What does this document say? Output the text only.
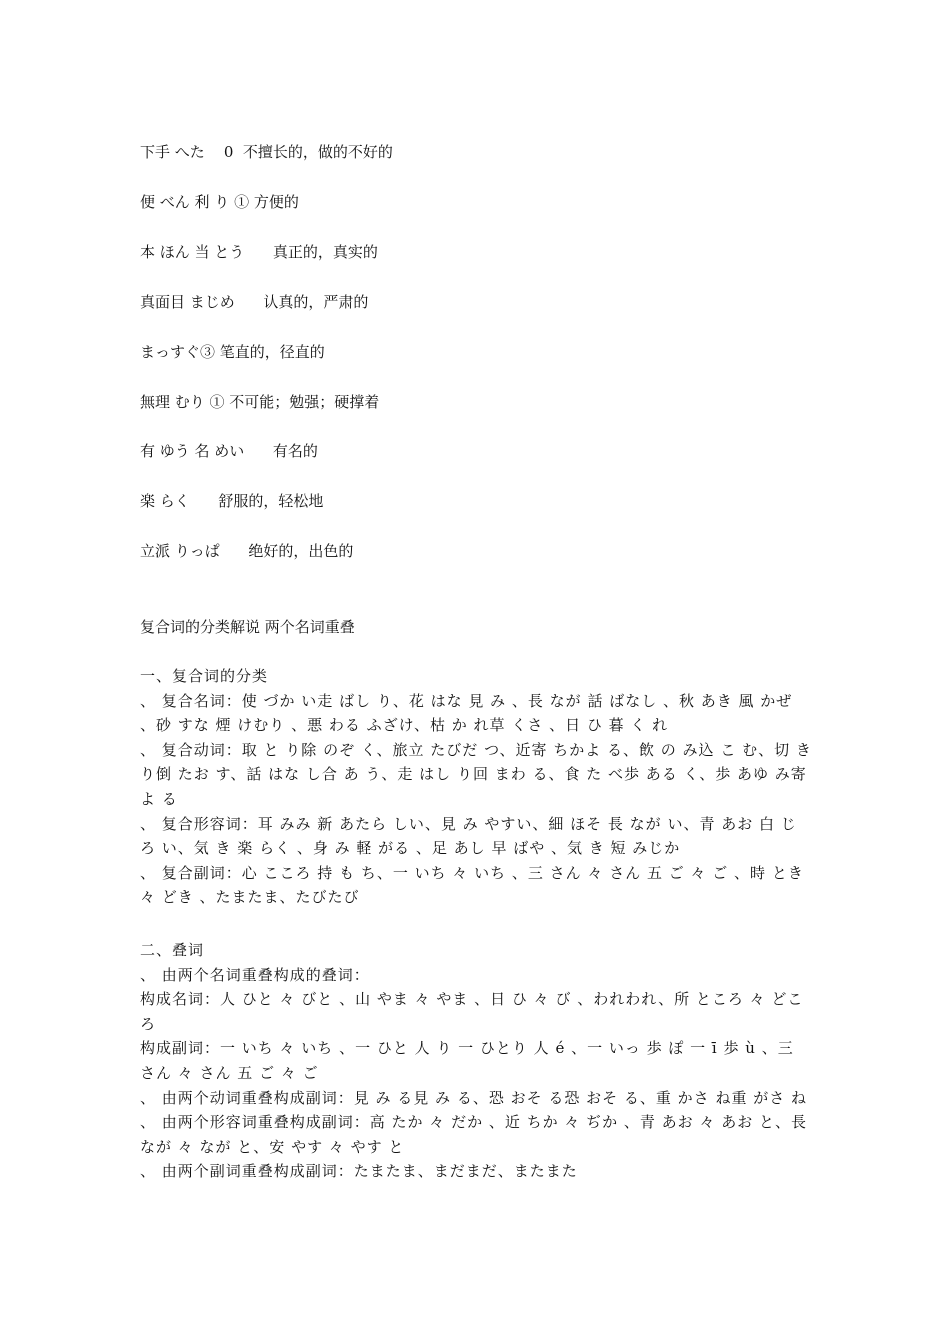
下手 へた    0  不擅长的，做的不好的
便 べん 利 り ① 方便的
本 ほん 当 とう      真正的，真实的
真面目 まじめ      认真的，严肃的
まっすぐ③ 笔直的，径直的
無理 むり ① 不可能；勉强；硬撑着
有 ゆう 名 めい      有名的
楽 らく      舒服的，轻松地
立派 りっぱ      绝好的，出色的
复合词的分类解说 两个名词重叠
一、复合词的分类
、 复合名词：使 づか い走 ばし り、花 はな 見 み 、長 なが 話 ばなし 、秋 あき 風 かぜ 、砂 すな 煙 けむり 、悪 わる ふざけ、枯 か れ草 くさ 、日 ひ 暮 く れ
、 复合动词：取 と り除 のぞ く、旅立 たびだ つ、近寄 ちかよ る、飲 の み込 こ む、切 き り倒 たお す、話 はな し合 あ う、走 はし り回 まわ る、食 た べ歩 ある く、歩 あゆ み寄 よ る
、 复合形容词：耳 みみ 新 あたら しい、見 み やすい、細 ほそ 長 なが い、青 あお 白 じろ い、気 き 楽 らく 、身 み 軽 がる 、足 あし 早 ばや 、気 き 短 みじか
、 复合副词：心 こころ 持 も ち、一 いち 々 いち 、三 さん 々 さん 五 ご 々 ご 、時 とき 々 どき 、たまたま、たびたび
二、叠词
、 由两个名词重叠构成的叠词：
构成名词：人 ひと 々 びと 、山 やま 々 やま 、日 ひ 々 び 、われわれ、所 ところ 々 どころ
构成副词：一 いち 々 いち 、一 ひと 人 り 一 ひとり 人 é 、一 いっ 歩 ぽ 一 ī 歩 ù 、三 さん 々 さん 五 ご 々 ご
、 由两个动词重叠构成副词：見 み る見 み る、恐 おそ る恐 おそ る、重 かさ ね重 がさ ね
、 由两个形容词重叠构成副词：高 たか 々 だか 、近 ちか 々 ぢか 、青 あお 々 あお と、長 なが 々 なが と、安 やす 々 やす と
、 由两个副词重叠构成副词：たまたま、まだまだ、またまた
